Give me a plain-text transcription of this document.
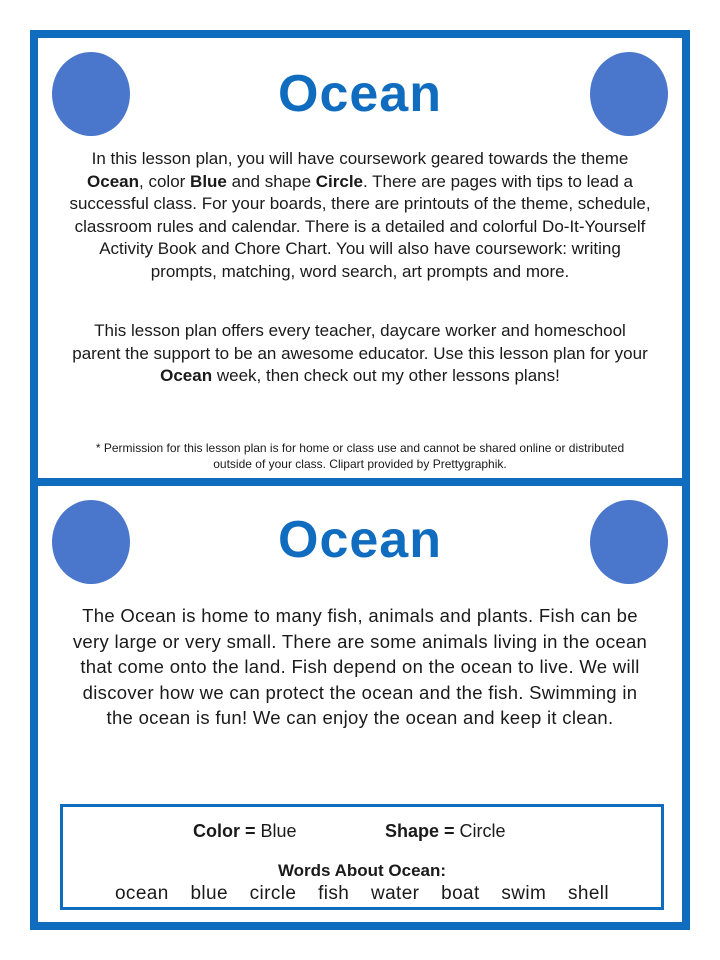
Ocean

In this lesson plan, you will have coursework geared towards the theme Ocean, color Blue and shape Circle. There are pages with tips to lead a successful class. For your boards, there are printouts of the theme, schedule, classroom rules and calendar. There is a detailed and colorful Do-It-Yourself Activity Book and Chore Chart. You will also have coursework: writing prompts, matching, word search, art prompts and more.

This lesson plan offers every teacher, daycare worker and homeschool parent the support to be an awesome educator. Use this lesson plan for your Ocean week, then check out my other lessons plans!

* Permission for this lesson plan is for home or class use and cannot be shared online or distributed outside of your class. Clipart provided by Prettygraphik.

Ocean

The Ocean is home to many fish, animals and plants. Fish can be very large or very small. There are some animals living in the ocean that come onto the land. Fish depend on the ocean to live. We will discover how we can protect the ocean and the fish. Swimming in the ocean is fun! We can enjoy the ocean and keep it clean.

Color = Blue	Shape = Circle
Words About Ocean:
ocean blue circle fish water boat swim shell
